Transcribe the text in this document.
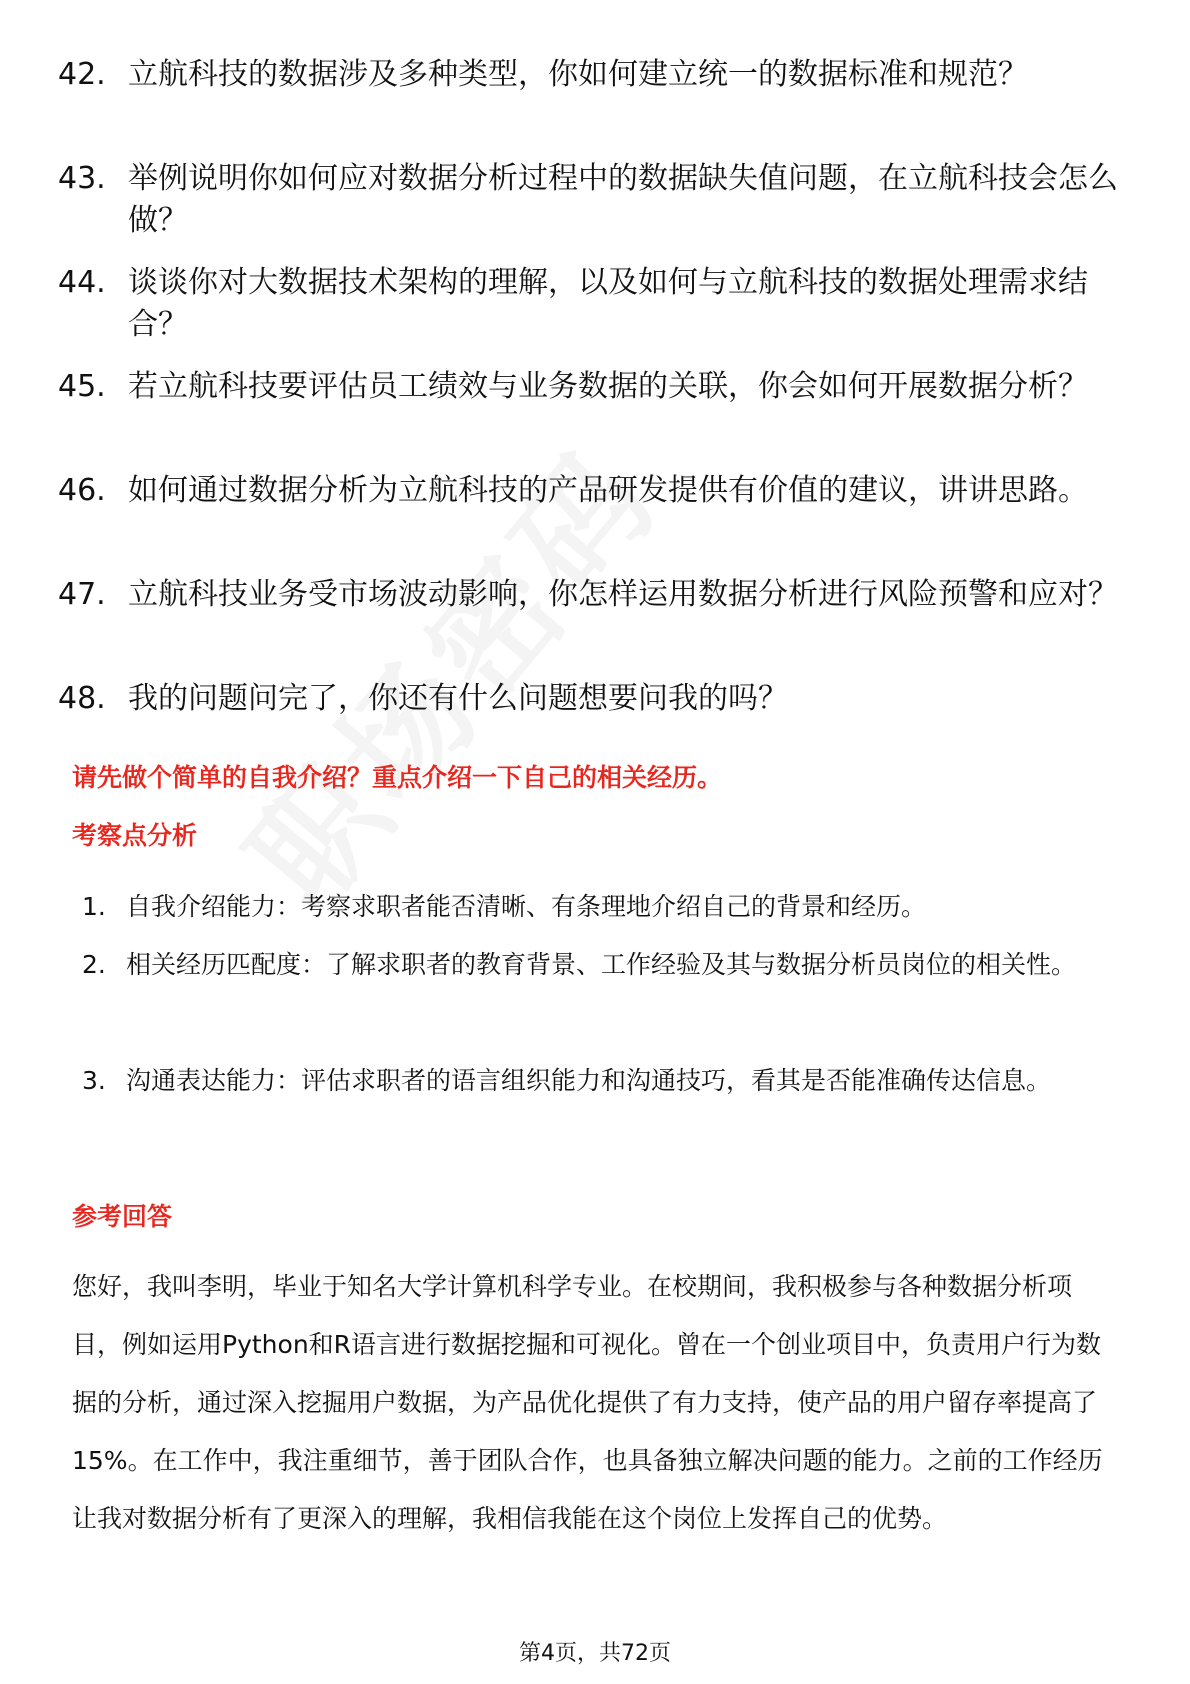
42. 立航科技的数据涉及多种类型，你如何建立统一的数据标准和规范？
43. 举例说明你如何应对数据分析过程中的数据缺失值问题，在立航科技会怎么做？
44. 谈谈你对大数据技术架构的理解，以及如何与立航科技的数据处理需求结合？
45. 若立航科技要评估员工绩效与业务数据的关联，你会如何开展数据分析？
46. 如何通过数据分析为立航科技的产品研发提供有价值的建议，讲讲思路。
47. 立航科技业务受市场波动影响，你怎样运用数据分析进行风险预警和应对？
48. 我的问题问完了，你还有什么问题想要问我的吗？
请先做个简单的自我介绍？重点介绍一下自己的相关经历。
考察点分析
1. 自我介绍能力：考察求职者能否清晰、有条理地介绍自己的背景和经历。
2. 相关经历匹配度：了解求职者的教育背景、工作经验及其与数据分析员岗位的相关性。
3. 沟通表达能力：评估求职者的语言组织能力和沟通技巧，看其是否能准确传达信息。
参考回答
您好，我叫李明，毕业于知名大学计算机科学专业。在校期间，我积极参与各种数据分析项目，例如运用Python和R语言进行数据挖掘和可视化。曾在一个创业项目中，负责用户行为数据的分析，通过深入挖掘用户数据，为产品优化提供了有力支持，使产品的用户留存率提高了15%。在工作中，我注重细节，善于团队合作，也具备独立解决问题的能力。之前的工作经历让我对数据分析有了更深入的理解，我相信我能在这个岗位上发挥自己的优势。
第4页，共72页
